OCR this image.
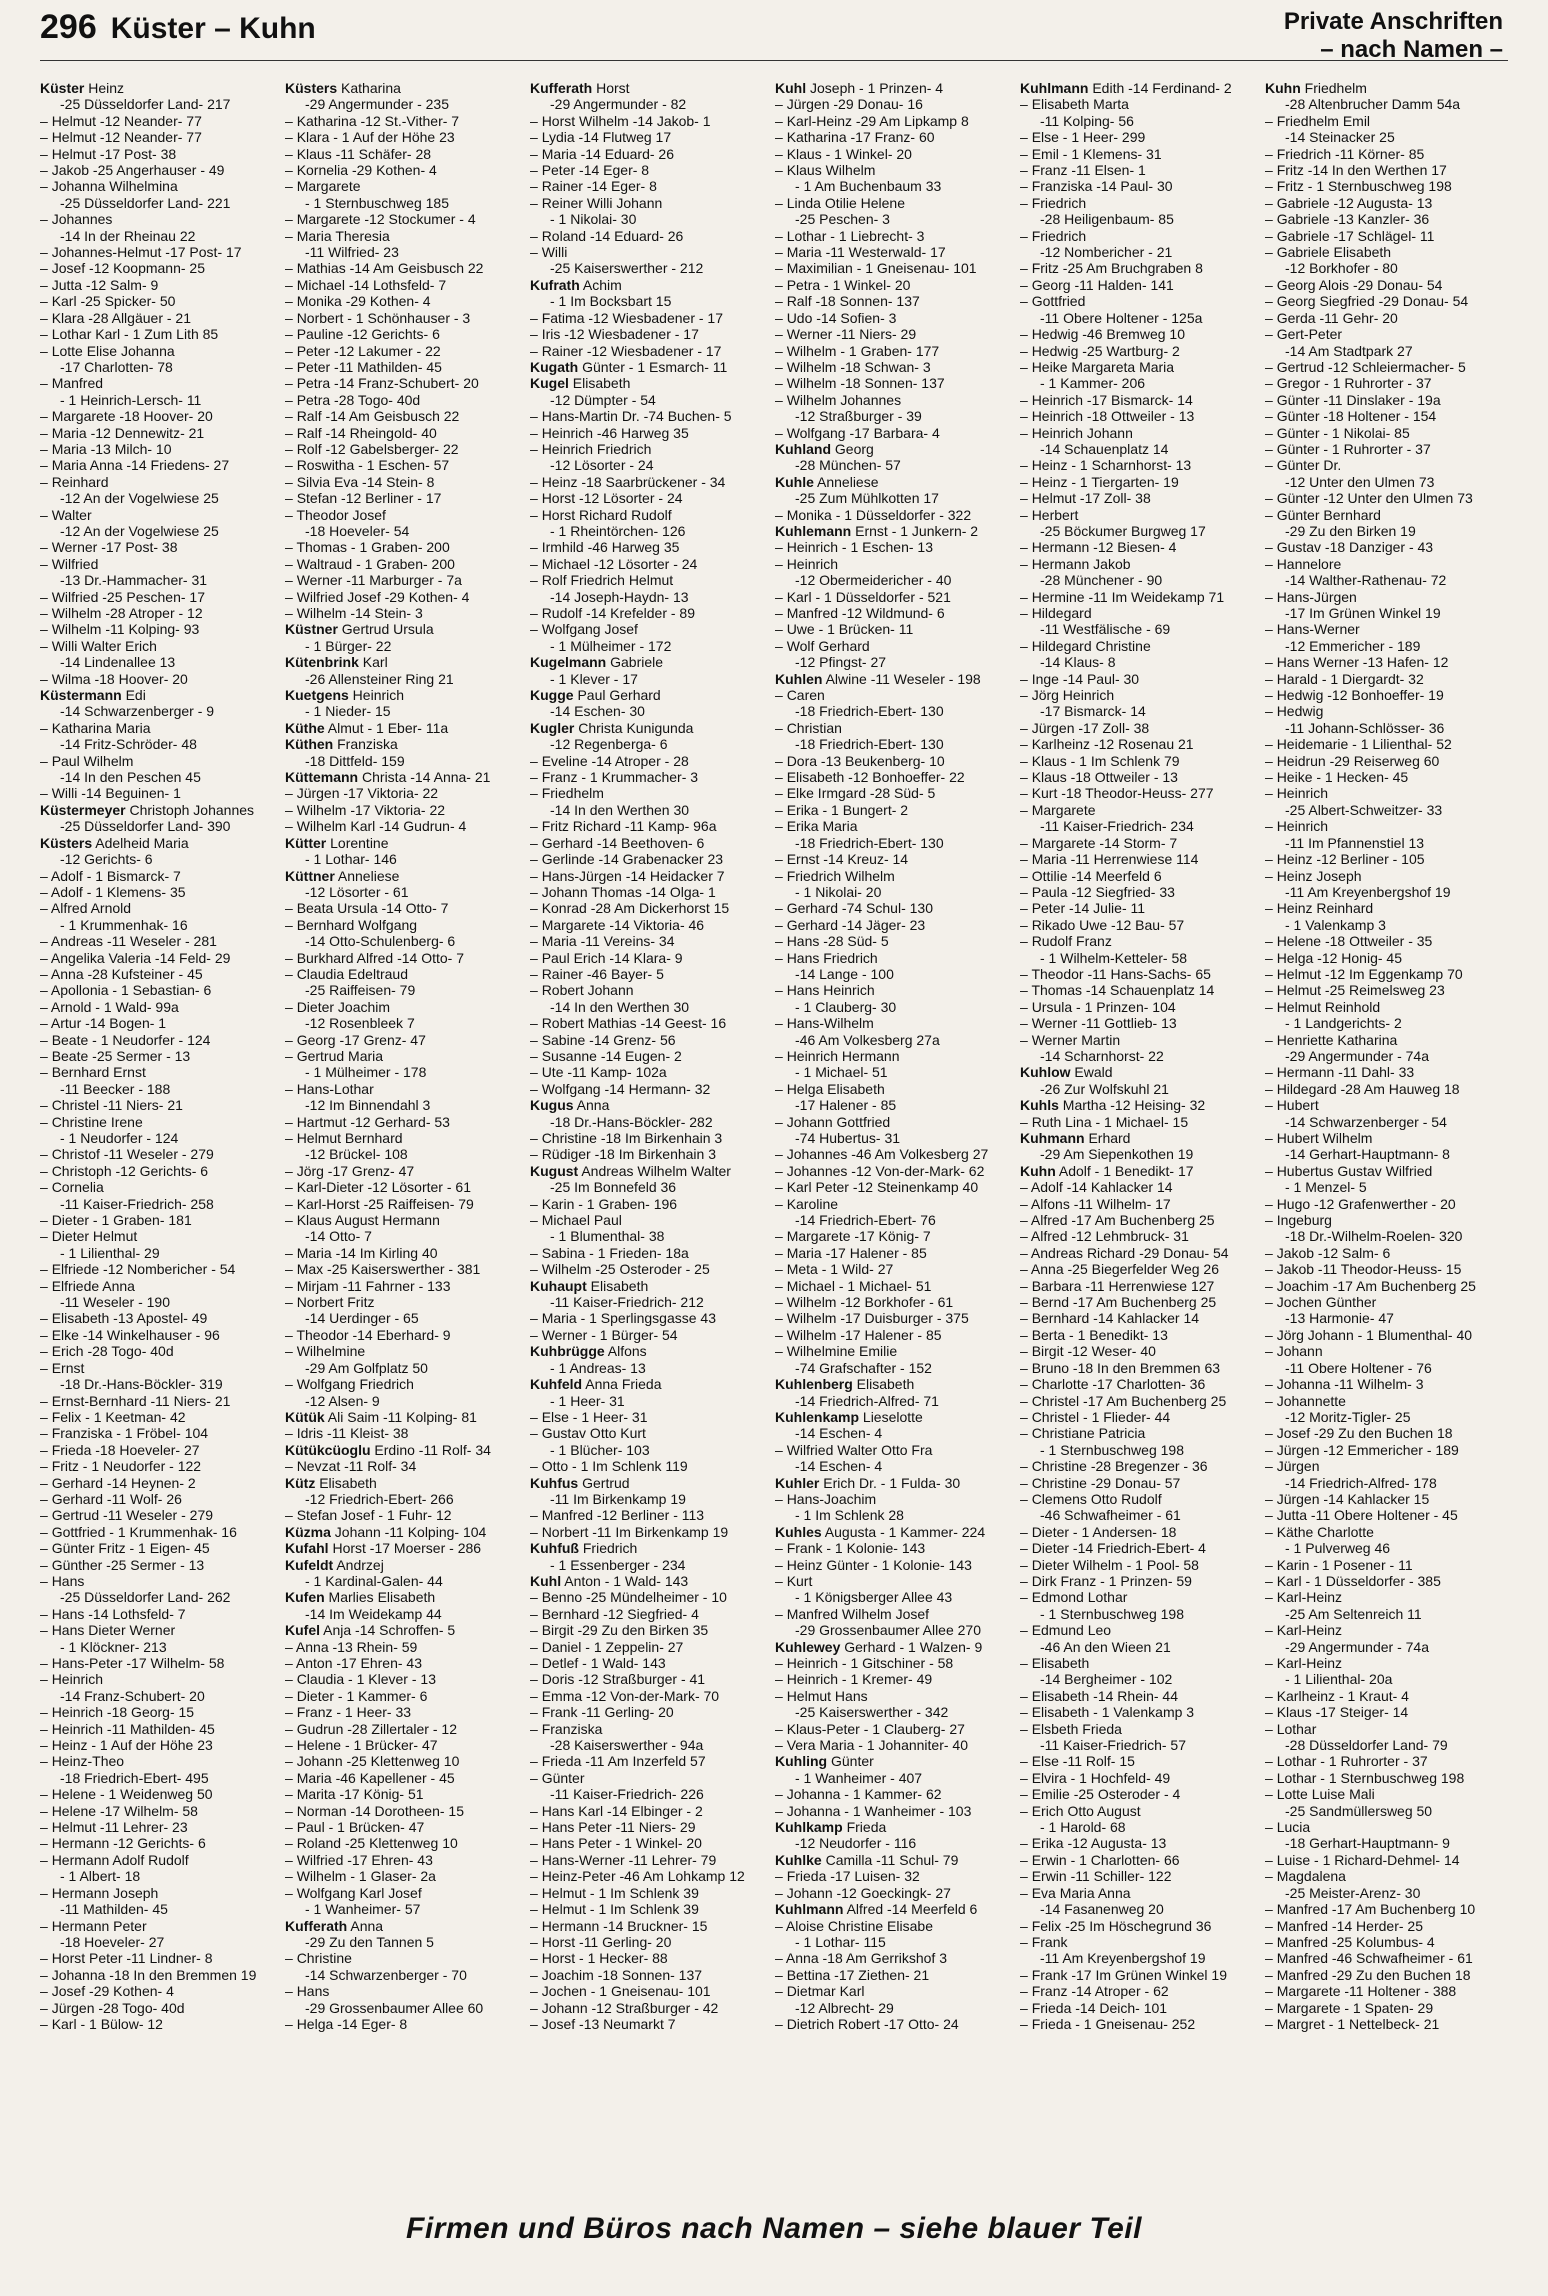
296 Küster – Kuhn	Private Anschriften
– nach Namen –
Küster Heinz
-25 Düsseldorfer Land- 217
– Helmut -12 Neander- 77
– Helmut -12 Neander- 77
– Helmut -17 Post- 38
– Jakob -25 Angerhauser - 49
– Johanna Wilhelmina
-25 Düsseldorfer Land- 221
– Johannes
-14 In der Rheinau 22
– Johannes-Helmut -17 Post- 17
– Josef -12 Koopmann- 25
– Jutta -12 Salm- 9
– Karl -25 Spicker- 50
– Klara -28 Allgäuer - 21
– Lothar Karl - 1 Zum Lith 85
– Lotte Elise Johanna
-17 Charlotten- 78
– Manfred
- 1 Heinrich-Lersch- 11
– Margarete -18 Hoover- 20
– Maria -12 Dennewitz- 21
– Maria -13 Milch- 10
– Maria Anna -14 Friedens- 27
– Reinhard
-12 An der Vogelwiese 25
– Walter
-12 An der Vogelwiese 25
– Werner -17 Post- 38
– Wilfried
-13 Dr.-Hammacher- 31
– Wilfried -25 Peschen- 17
– Wilhelm -28 Atroper - 12
– Wilhelm -11 Kolping- 93
– Willi Walter Erich
-14 Lindenallee 13
– Wilma -18 Hoover- 20
Küstermann Edi
-14 Schwarzenberger - 9
– Katharina Maria
-14 Fritz-Schröder- 48
– Paul Wilhelm
-14 In den Peschen 45
– Willi -14 Beguinen- 1
Küstermeyer Christoph Johannes
-25 Düsseldorfer Land- 390
Küsters Adelheid Maria
-12 Gerichts- 6
– Adolf - 1 Bismarck- 7
– Adolf - 1 Klemens- 35
– Alfred Arnold
- 1 Krummenhak- 16
– Andreas -11 Weseler - 281
– Angelika Valeria -14 Feld- 29
– Anna -28 Kufsteiner - 45
– Apollonia - 1 Sebastian- 6
– Arnold - 1 Wald- 99a
– Artur -14 Bogen- 1
– Beate - 1 Neudorfer - 124
– Beate -25 Sermer - 13
– Bernhard Ernst
-11 Beecker - 188
– Christel -11 Niers- 21
– Christine Irene
- 1 Neudorfer - 124
– Christof -11 Weseler - 279
– Christoph -12 Gerichts- 6
– Cornelia
-11 Kaiser-Friedrich- 258
– Dieter - 1 Graben- 181
– Dieter Helmut
- 1 Lilienthal- 29
– Elfriede -12 Nombericher - 54
– Elfriede Anna
-11 Weseler - 190
– Elisabeth -13 Apostel- 49
– Elke -14 Winkelhauser - 96
– Erich -28 Togo- 40d
– Ernst
-18 Dr.-Hans-Böckler- 319
– Ernst-Bernhard -11 Niers- 21
– Felix - 1 Keetman- 42
– Franziska - 1 Fröbel- 104
– Frieda -18 Hoeveler- 27
– Fritz - 1 Neudorfer - 122
– Gerhard -14 Heynen- 2
– Gerhard -11 Wolf- 26
– Gertrud -11 Weseler - 279
– Gottfried - 1 Krummenhak- 16
– Günter Fritz - 1 Eigen- 45
– Günther -25 Sermer - 13
– Hans
-25 Düsseldorfer Land- 262
– Hans -14 Lothsfeld- 7
– Hans Dieter Werner
- 1 Klöckner- 213
– Hans-Peter -17 Wilhelm- 58
– Heinrich
-14 Franz-Schubert- 20
– Heinrich -18 Georg- 15
– Heinrich -11 Mathilden- 45
– Heinz - 1 Auf der Höhe 23
– Heinz-Theo
-18 Friedrich-Ebert- 495
– Helene - 1 Weidenweg 50
– Helene -17 Wilhelm- 58
– Helmut -11 Lehrer- 23
– Hermann -12 Gerichts- 6
– Hermann Adolf Rudolf
- 1 Albert- 18
– Hermann Joseph
-11 Mathilden- 45
– Hermann Peter
-18 Hoeveler- 27
– Horst Peter -11 Lindner- 8
– Johanna -18 In den Bremmen 19
– Josef -29 Kothen- 4
– Jürgen -28 Togo- 40d
– Karl - 1 Bülow- 12
Küsters Katharina
-29 Angermunder - 235
– Katharina -12 St.-Vither- 7
– Klara - 1 Auf der Höhe 23
– Klaus -11 Schäfer- 28
– Kornelia -29 Kothen- 4
– Margarete
- 1 Sternbuschweg 185
– Margarete -12 Stockumer - 4
– Maria Theresia
-11 Wilfried- 23
– Mathias -14 Am Geisbusch 22
– Michael -14 Lothsfeld- 7
– Monika -29 Kothen- 4
– Norbert - 1 Schönhauser - 3
– Pauline -12 Gerichts- 6
– Peter -12 Lakumer - 22
– Peter -11 Mathilden- 45
– Petra -14 Franz-Schubert- 20
– Petra -28 Togo- 40d
– Ralf -14 Am Geisbusch 22
– Ralf -14 Rheingold- 40
– Rolf -12 Gabelsberger- 22
– Roswitha - 1 Eschen- 57
– Silvia Eva -14 Stein- 8
– Stefan -12 Berliner - 17
– Theodor Josef
-18 Hoeveler- 54
– Thomas - 1 Graben- 200
– Waltraud - 1 Graben- 200
– Werner -11 Marburger - 7a
– Wilfried Josef -29 Kothen- 4
– Wilhelm -14 Stein- 3
Küstner Gertrud Ursula
- 1 Bürger- 22
Kütenbrink Karl
-26 Allensteiner Ring 21
Kuetgens Heinrich
- 1 Nieder- 15
Küthe Almut - 1 Eber- 11a
Küthen Franziska
-18 Dittfeld- 159
Küttemann Christa -14 Anna- 21
– Jürgen -17 Viktoria- 22
– Wilhelm -17 Viktoria- 22
– Wilhelm Karl -14 Gudrun- 4
Kütter Lorentine
- 1 Lothar- 146
Küttner Anneliese
-12 Lösorter - 61
– Beata Ursula -14 Otto- 7
– Bernhard Wolfgang
-14 Otto-Schulenberg- 6
– Burkhard Alfred -14 Otto- 7
– Claudia Edeltraud
-25 Raiffeisen- 79
– Dieter Joachim
-12 Rosenbleek 7
– Georg -17 Grenz- 47
– Gertrud Maria
- 1 Mülheimer - 178
– Hans-Lothar
-12 Im Binnendahl 3
– Hartmut -12 Gerhard- 53
– Helmut Bernhard
-12 Brückel- 108
– Jörg -17 Grenz- 47
– Karl-Dieter -12 Lösorter - 61
– Karl-Horst -25 Raiffeisen- 79
– Klaus August Hermann
-14 Otto- 7
– Maria -14 Im Kirling 40
– Max -25 Kaiserswerther - 381
– Mirjam -11 Fahrner - 133
– Norbert Fritz
-14 Uerdinger - 65
– Theodor -14 Eberhard- 9
– Wilhelmine
-29 Am Golfplatz 50
– Wolfgang Friedrich
-12 Alsen- 9
Kütük Ali Saim -11 Kolping- 81
– Idris -11 Kleist- 38
Kütükcüoglu Erdino -11 Rolf- 34
– Nevzat -11 Rolf- 34
Kütz Elisabeth
-12 Friedrich-Ebert- 266
– Stefan Josef - 1 Fuhr- 12
Küzma Johann -11 Kolping- 104
Kufahl Horst -17 Moerser - 286
Kufeldt Andrzej
- 1 Kardinal-Galen- 44
Kufen Marlies Elisabeth
-14 Im Weidekamp 44
Kufel Anja -14 Schroffen- 5
– Anna -13 Rhein- 59
– Anton -17 Ehren- 43
– Claudia - 1 Klever - 13
– Dieter - 1 Kammer- 6
– Franz - 1 Heer- 33
– Gudrun -28 Zillertaler - 12
– Helene - 1 Brücker- 47
– Johann -25 Klettenweg 10
– Maria -46 Kapellener - 45
– Marita -17 König- 51
– Norman -14 Dorotheen- 15
– Paul - 1 Brücken- 47
– Roland -25 Klettenweg 10
– Wilfried -17 Ehren- 43
– Wilhelm - 1 Glaser- 2a
– Wolfgang Karl Josef
- 1 Wanheimer- 57
Kufferath Anna
-29 Zu den Tannen 5
– Christine
-14 Schwarzenberger - 70
– Hans
-29 Grossenbaumer Allee 60
– Helga -14 Eger- 8
Kufferath Horst
-29 Angermunder - 82
– Horst Wilhelm -14 Jakob- 1
– Lydia -14 Flutweg 17
– Maria -14 Eduard- 26
– Peter -14 Eger- 8
– Rainer -14 Eger- 8
– Reiner Willi Johann
- 1 Nikolai- 30
– Roland -14 Eduard- 26
– Willi
-25 Kaiserswerther - 212
Kufrath Achim
- 1 Im Bocksbart 15
– Fatima -12 Wiesbadener - 17
– Iris -12 Wiesbadener - 17
– Rainer -12 Wiesbadener - 17
Kugath Günter - 1 Esmarch- 11
Kugel Elisabeth
-12 Dümpter - 54
– Hans-Martin Dr. -74 Buchen- 5
– Heinrich -46 Harweg 35
– Heinrich Friedrich
-12 Lösorter - 24
– Heinz -18 Saarbrückener - 34
– Horst -12 Lösorter - 24
– Horst Richard Rudolf
- 1 Rheintörchen- 126
– Irmhild -46 Harweg 35
– Michael -12 Lösorter - 24
– Rolf Friedrich Helmut
-14 Joseph-Haydn- 13
– Rudolf -14 Krefelder - 89
– Wolfgang Josef
- 1 Mülheimer - 172
Kugelmann Gabriele
- 1 Klever - 17
Kugge Paul Gerhard
-14 Eschen- 30
Kugler Christa Kunigunda
-12 Regenberga- 6
– Eveline -14 Atroper - 28
– Franz - 1 Krummacher- 3
– Friedhelm
-14 In den Werthen 30
– Fritz Richard -11 Kamp- 96a
– Gerhard -14 Beethoven- 6
– Gerlinde -14 Grabenacker 23
– Hans-Jürgen -14 Heidacker 7
– Johann Thomas -14 Olga- 1
– Konrad -28 Am Dickerhorst 15
– Margarete -14 Viktoria- 46
– Maria -11 Vereins- 34
– Paul Erich -14 Klara- 9
– Rainer -46 Bayer- 5
– Robert Johann
-14 In den Werthen 30
– Robert Mathias -14 Geest- 16
– Sabine -14 Grenz- 56
– Susanne -14 Eugen- 2
– Ute -11 Kamp- 102a
– Wolfgang -14 Hermann- 32
Kugus Anna
-18 Dr.-Hans-Böckler- 282
– Christine -18 Im Birkenhain 3
– Rüdiger -18 Im Birkenhain 3
Kugust Andreas Wilhelm Walter
-25 Im Bonnefeld 36
– Karin - 1 Graben- 196
– Michael Paul
- 1 Blumenthal- 38
– Sabina - 1 Frieden- 18a
– Wilhelm -25 Osteroder - 25
Kuhaupt Elisabeth
-11 Kaiser-Friedrich- 212
– Maria - 1 Sperlingsgasse 43
– Werner - 1 Bürger- 54
Kuhbrügge Alfons
- 1 Andreas- 13
Kuhfeld Anna Frieda
- 1 Heer- 31
– Else - 1 Heer- 31
– Gustav Otto Kurt
- 1 Blücher- 103
– Otto - 1 Im Schlenk 119
Kuhfus Gertrud
-11 Im Birkenkamp 19
– Manfred -12 Berliner - 113
– Norbert -11 Im Birkenkamp 19
Kuhfuß Friedrich
- 1 Essenberger - 234
Kuhl Anton - 1 Wald- 143
– Benno -25 Mündelheimer - 10
– Bernhard -12 Siegfried- 4
– Birgit -29 Zu den Birken 35
– Daniel - 1 Zeppelin- 27
– Detlef - 1 Wald- 143
– Doris -12 Straßburger - 41
– Emma -12 Von-der-Mark- 70
– Frank -11 Gerling- 20
– Franziska
-28 Kaiserswerther - 94a
– Frieda -11 Am Inzerfeld 57
– Günter
-11 Kaiser-Friedrich- 226
– Hans Karl -14 Elbinger - 2
– Hans Peter -11 Niers- 29
– Hans Peter - 1 Winkel- 20
– Hans-Werner -11 Lehrer- 79
– Heinz-Peter -46 Am Lohkamp 12
– Helmut - 1 Im Schlenk 39
– Helmut - 1 Im Schlenk 39
– Hermann -14 Bruckner- 15
– Horst -11 Gerling- 20
– Horst - 1 Hecker- 88
– Joachim -18 Sonnen- 137
– Jochen - 1 Gneisenau- 101
– Johann -12 Straßburger - 42
– Josef -13 Neumarkt 7
Kuhl Joseph - 1 Prinzen- 4
– Jürgen -29 Donau- 16
– Karl-Heinz -29 Am Lipkamp 8
– Katharina -17 Franz- 60
– Klaus - 1 Winkel- 20
– Klaus Wilhelm
- 1 Am Buchenbaum 33
– Linda Otilie Helene
-25 Peschen- 3
– Lothar - 1 Liebrecht- 3
– Maria -11 Westerwald- 17
– Maximilian - 1 Gneisenau- 101
– Petra - 1 Winkel- 20
– Ralf -18 Sonnen- 137
– Udo -14 Sofien- 3
– Werner -11 Niers- 29
– Wilhelm - 1 Graben- 177
– Wilhelm -18 Schwan- 3
– Wilhelm -18 Sonnen- 137
– Wilhelm Johannes
-12 Straßburger - 39
– Wolfgang -17 Barbara- 4
Kuhland Georg
-28 München- 57
Kuhle Anneliese
-25 Zum Mühlkotten 17
– Monika - 1 Düsseldorfer - 322
Kuhlemann Ernst - 1 Junkern- 2
– Heinrich - 1 Eschen- 13
– Heinrich
-12 Obermeidericher - 40
– Karl - 1 Düsseldorfer - 521
– Manfred -12 Wildmund- 6
– Uwe - 1 Brücken- 11
– Wolf Gerhard
-12 Pfingst- 27
Kuhlen Alwine -11 Weseler - 198
– Caren
-18 Friedrich-Ebert- 130
– Christian
-18 Friedrich-Ebert- 130
– Dora -13 Beukenberg- 10
– Elisabeth -12 Bonhoeffer- 22
– Elke Irmgard -28 Süd- 5
– Erika - 1 Bungert- 2
– Erika Maria
-18 Friedrich-Ebert- 130
– Ernst -14 Kreuz- 14
– Friedrich Wilhelm
- 1 Nikolai- 20
– Gerhard -74 Schul- 130
– Gerhard -14 Jäger- 23
– Hans -28 Süd- 5
– Hans Friedrich
-14 Lange - 100
– Hans Heinrich
- 1 Clauberg- 30
– Hans-Wilhelm
-46 Am Volkesberg 27a
– Heinrich Hermann
- 1 Michael- 51
– Helga Elisabeth
-17 Halener - 85
– Johann Gottfried
-74 Hubertus- 31
– Johannes -46 Am Volkesberg 27
– Johannes -12 Von-der-Mark- 62
– Karl Peter -12 Steinenkamp 40
– Karoline
-14 Friedrich-Ebert- 76
– Margarete -17 König- 7
– Maria -17 Halener - 85
– Meta - 1 Wild- 27
– Michael - 1 Michael- 51
– Wilhelm -12 Borkhofer - 61
– Wilhelm -17 Duisburger - 375
– Wilhelm -17 Halener - 85
– Wilhelmine Emilie
-74 Grafschafter - 152
Kuhlenberg Elisabeth
-14 Friedrich-Alfred- 71
Kuhlenkamp Lieselotte
-14 Eschen- 4
– Wilfried Walter Otto Fra
-14 Eschen- 4
Kuhler Erich Dr. - 1 Fulda- 30
– Hans-Joachim
- 1 Im Schlenk 28
Kuhles Augusta - 1 Kammer- 224
– Frank - 1 Kolonie- 143
– Heinz Günter - 1 Kolonie- 143
– Kurt
- 1 Königsberger Allee 43
– Manfred Wilhelm Josef
-29 Grossenbaumer Allee 270
Kuhlewey Gerhard - 1 Walzen- 9
– Heinrich - 1 Gitschiner - 58
– Heinrich - 1 Kremer- 49
– Helmut Hans
-25 Kaiserswerther - 342
– Klaus-Peter - 1 Clauberg- 27
– Vera Maria - 1 Johanniter- 40
Kuhling Günter
- 1 Wanheimer - 407
– Johanna - 1 Kammer- 62
– Johanna - 1 Wanheimer - 103
Kuhlkamp Frieda
-12 Neudorfer - 116
Kuhlke Camilla -11 Schul- 79
– Frieda -17 Luisen- 32
– Johann -12 Goeckingk- 27
Kuhlmann Alfred -14 Meerfeld 6
– Aloise Christine Elisabe
- 1 Lothar- 115
– Anna -18 Am Gerrikshof 3
– Bettina -17 Ziethen- 21
– Dietmar Karl
-12 Albrecht- 29
– Dietrich Robert -17 Otto- 24
Kuhlmann Edith -14 Ferdinand- 2
– Elisabeth Marta
-11 Kolping- 56
– Else - 1 Heer- 299
– Emil - 1 Klemens- 31
– Franz -11 Elsen- 1
– Franziska -14 Paul- 30
– Friedrich
-28 Heiligenbaum- 85
– Friedrich
-12 Nombericher - 21
– Fritz -25 Am Bruchgraben 8
– Georg -11 Halden- 141
– Gottfried
-11 Obere Holtener - 125a
– Hedwig -46 Bremweg 10
– Hedwig -25 Wartburg- 2
– Heike Margareta Maria
- 1 Kammer- 206
– Heinrich -17 Bismarck- 14
– Heinrich -18 Ottweiler - 13
– Heinrich Johann
-14 Schauenplatz 14
– Heinz - 1 Scharnhorst- 13
– Heinz - 1 Tiergarten- 19
– Helmut -17 Zoll- 38
– Herbert
-25 Böckumer Burgweg 17
– Hermann -12 Biesen- 4
– Hermann Jakob
-28 Münchener - 90
– Hermine -11 Im Weidekamp 71
– Hildegard
-11 Westfälische - 69
– Hildegard Christine
-14 Klaus- 8
– Inge -14 Paul- 30
– Jörg Heinrich
-17 Bismarck- 14
– Jürgen -17 Zoll- 38
– Karlheinz -12 Rosenau 21
– Klaus - 1 Im Schlenk 79
– Klaus -18 Ottweiler - 13
– Kurt -18 Theodor-Heuss- 277
– Margarete
-11 Kaiser-Friedrich- 234
– Margarete -14 Storm- 7
– Maria -11 Herrenwiese 114
– Ottilie -14 Meerfeld 6
– Paula -12 Siegfried- 33
– Peter -14 Julie- 11
– Rikado Uwe -12 Bau- 57
– Rudolf Franz
- 1 Wilhelm-Ketteler- 58
– Theodor -11 Hans-Sachs- 65
– Thomas -14 Schauenplatz 14
– Ursula - 1 Prinzen- 104
– Werner -11 Gottlieb- 13
– Werner Martin
-14 Scharnhorst- 22
Kuhlow Ewald
-26 Zur Wolfskuhl 21
Kuhls Martha -12 Heising- 32
– Ruth Lina - 1 Michael- 15
Kuhmann Erhard
-29 Am Siepenkothen 19
Kuhn Adolf - 1 Benedikt- 17
– Adolf -14 Kahlacker 14
– Alfons -11 Wilhelm- 17
– Alfred -17 Am Buchenberg 25
– Alfred -12 Lehmbruck- 31
– Andreas Richard -29 Donau- 54
– Anna -25 Biegerfelder Weg 26
– Barbara -11 Herrenwiese 127
– Bernd -17 Am Buchenberg 25
– Bernhard -14 Kahlacker 14
– Berta - 1 Benedikt- 13
– Birgit -12 Weser- 40
– Bruno -18 In den Bremmen 63
– Charlotte -17 Charlotten- 36
– Christel -17 Am Buchenberg 25
– Christel - 1 Flieder- 44
– Christiane Patricia
- 1 Sternbuschweg 198
– Christine -28 Bregenzer - 36
– Christine -29 Donau- 57
– Clemens Otto Rudolf
-46 Schwafheimer - 61
– Dieter - 1 Andersen- 18
– Dieter -14 Friedrich-Ebert- 4
– Dieter Wilhelm - 1 Pool- 58
– Dirk Franz - 1 Prinzen- 59
– Edmond Lothar
- 1 Sternbuschweg 198
– Edmund Leo
-46 An den Wieen 21
– Elisabeth
-14 Bergheimer - 102
– Elisabeth -14 Rhein- 44
– Elisabeth - 1 Valenkamp 3
– Elsbeth Frieda
-11 Kaiser-Friedrich- 57
– Else -11 Rolf- 15
– Elvira - 1 Hochfeld- 49
– Emilie -25 Osteroder - 4
– Erich Otto August
- 1 Harold- 68
– Erika -12 Augusta- 13
– Erwin - 1 Charlotten- 66
– Erwin -11 Schiller- 122
– Eva Maria Anna
-14 Fasanenweg 20
– Felix -25 Im Höschegrund 36
– Frank
-11 Am Kreyenbergshof 19
– Frank -17 Im Grünen Winkel 19
– Franz -14 Atroper - 62
– Frieda -14 Deich- 101
– Frieda - 1 Gneisenau- 252
Kuhn Friedhelm
-28 Altenbrucher Damm 54a
– Friedhelm Emil
-14 Steinacker 25
– Friedrich -11 Körner- 85
– Fritz -14 In den Werthen 17
– Fritz - 1 Sternbuschweg 198
– Gabriele -12 Augusta- 13
– Gabriele -13 Kanzler- 36
– Gabriele -17 Schlägel- 11
– Gabriele Elisabeth
-12 Borkhofer - 80
– Georg Alois -29 Donau- 54
– Georg Siegfried -29 Donau- 54
– Gerda -11 Gehr- 20
– Gert-Peter
-14 Am Stadtpark 27
– Gertrud -12 Schleiermacher- 5
– Gregor - 1 Ruhrorter - 37
– Günter -11 Dinslaker - 19a
– Günter -18 Holtener - 154
– Günter - 1 Nikolai- 85
– Günter - 1 Ruhrorter - 37
– Günter Dr.
-12 Unter den Ulmen 73
– Günter -12 Unter den Ulmen 73
– Günter Bernhard
-29 Zu den Birken 19
– Gustav -18 Danziger - 43
– Hannelore
-14 Walther-Rathenau- 72
– Hans-Jürgen
-17 Im Grünen Winkel 19
– Hans-Werner
-12 Emmericher - 189
– Hans Werner -13 Hafen- 12
– Harald - 1 Diergardt- 32
– Hedwig -12 Bonhoeffer- 19
– Hedwig
-11 Johann-Schlösser- 36
– Heidemarie - 1 Lilienthal- 52
– Heidrun -29 Reiserweg 60
– Heike - 1 Hecken- 45
– Heinrich
-25 Albert-Schweitzer- 33
– Heinrich
-11 Im Pfannenstiel 13
– Heinz -12 Berliner - 105
– Heinz Joseph
-11 Am Kreyenbergshof 19
– Heinz Reinhard
- 1 Valenkamp 3
– Helene -18 Ottweiler - 35
– Helga -12 Honig- 45
– Helmut -12 Im Eggenkamp 70
– Helmut -25 Reimelsweg 23
– Helmut Reinhold
- 1 Landgerichts- 2
– Henriette Katharina
-29 Angermunder - 74a
– Hermann -11 Dahl- 33
– Hildegard -28 Am Hauweg 18
– Hubert
-14 Schwarzenberger - 54
– Hubert Wilhelm
-14 Gerhart-Hauptmann- 8
– Hubertus Gustav Wilfried
- 1 Menzel- 5
– Hugo -12 Grafenwerther - 20
– Ingeburg
-18 Dr.-Wilhelm-Roelen- 320
– Jakob -12 Salm- 6
– Jakob -11 Theodor-Heuss- 15
– Joachim -17 Am Buchenberg 25
– Jochen Günther
-13 Harmonie- 47
– Jörg Johann - 1 Blumenthal- 40
– Johann
-11 Obere Holtener - 76
– Johanna -11 Wilhelm- 3
– Johannette
-12 Moritz-Tigler- 25
– Josef -29 Zu den Buchen 18
– Jürgen -12 Emmericher - 189
– Jürgen
-14 Friedrich-Alfred- 178
– Jürgen -14 Kahlacker 15
– Jutta -11 Obere Holtener - 45
– Käthe Charlotte
- 1 Pulverweg 46
– Karin - 1 Posener - 11
– Karl - 1 Düsseldorfer - 385
– Karl-Heinz
-25 Am Seltenreich 11
– Karl-Heinz
-29 Angermunder - 74a
– Karl-Heinz
- 1 Lilienthal- 20a
– Karlheinz - 1 Kraut- 4
– Klaus -17 Steiger- 14
– Lothar
-28 Düsseldorfer Land- 79
– Lothar - 1 Ruhrorter - 37
– Lothar - 1 Sternbuschweg 198
– Lotte Luise Mali
-25 Sandmüllersweg 50
– Lucia
-18 Gerhart-Hauptmann- 9
– Luise - 1 Richard-Dehmel- 14
– Magdalena
-25 Meister-Arenz- 30
– Manfred -17 Am Buchenberg 10
– Manfred -14 Herder- 25
– Manfred -25 Kolumbus- 4
– Manfred -46 Schwafheimer - 61
– Manfred -29 Zu den Buchen 18
– Margarete -11 Holtener - 388
– Margarete - 1 Spaten- 29
– Margret - 1 Nettelbeck- 21
Firmen und Büros nach Namen – siehe blauer Teil
